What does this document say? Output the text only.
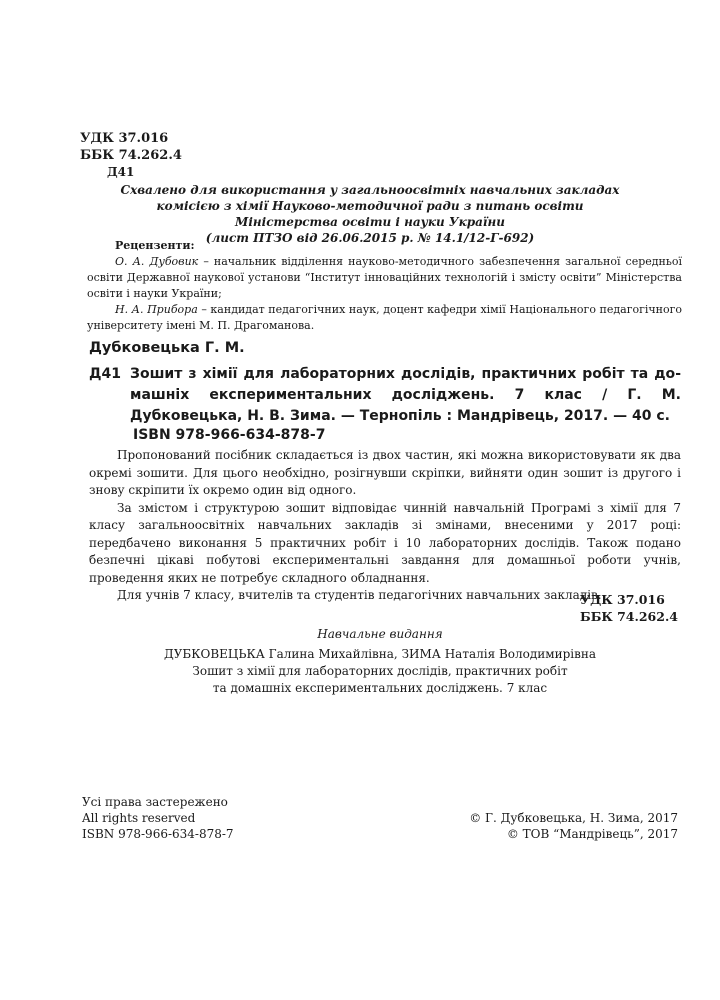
УДК 37.016
ББК 74.262.4
Д41
Схвалено для використання у загальноосвітніх навчальних закладах
комісією з хімії Науково-методичної ради з питань освіти
Міністерства освіти і науки України
(лист ПТЗО від 26.06.2015 р. № 14.1/12-Г-692)
Рецензенти:

О. А. Дубовик – начальник відділення науково-методичного забезпечення загальної середньої освіти Державної наукової установи “Інститут інноваційних технологій і змісту освіти” Міністерства освіти і науки України;

Н. А. Прибора – кандидат педагогічних наук, доцент кафедри хімії Національного педагогічного університету імені М. П. Драгоманова.

Дубковецька Г. М.
Д41 Зошит з хімії для лабораторних дослідів, практичних робіт та домашніх експериментальних досліджень. 7 клас / Г. М. Дубковецька, Н. В. Зима. — Тернопіль : Мандрівець, 2017. — 40 с.
ISBN 978-966-634-878-7

Пропонований посібник складається із двох частин, які можна використовувати як два окремі зошити. Для цього необхідно, розігнувши скріпки, вийняти один зошит із другого і знову скріпити їх окремо один від одного.

За змістом і структурою зошит відповідає чинній навчальній Програмі з хімії для 7 класу загальноосвітніх навчальних закладів зі змінами, внесеними у 2017 році: передбачено виконання 5 практичних робіт і 10 лабораторних дослідів. Також подано безпечні цікаві побутові експериментальні завдання для домашньої роботи учнів, проведення яких не потребує складного обладнання.

Для учнів 7 класу, вчителів та студентів педагогічних навчальних закладів.

УДК 37.016
ББК 74.262.4
Навчальне видання
ДУБКОВЕЦЬКА Галина Михайлівна, ЗИМА Наталія Володимирівна
Зошит з хімії для лабораторних дослідів, практичних робіт
та домашніх експериментальних досліджень. 7 клас
Усі права застережено
All rights reserved
ISBN 978-966-634-878-7
© Г. Дубковецька, Н. Зима, 2017
© ТОВ “Мандрівець”, 2017
